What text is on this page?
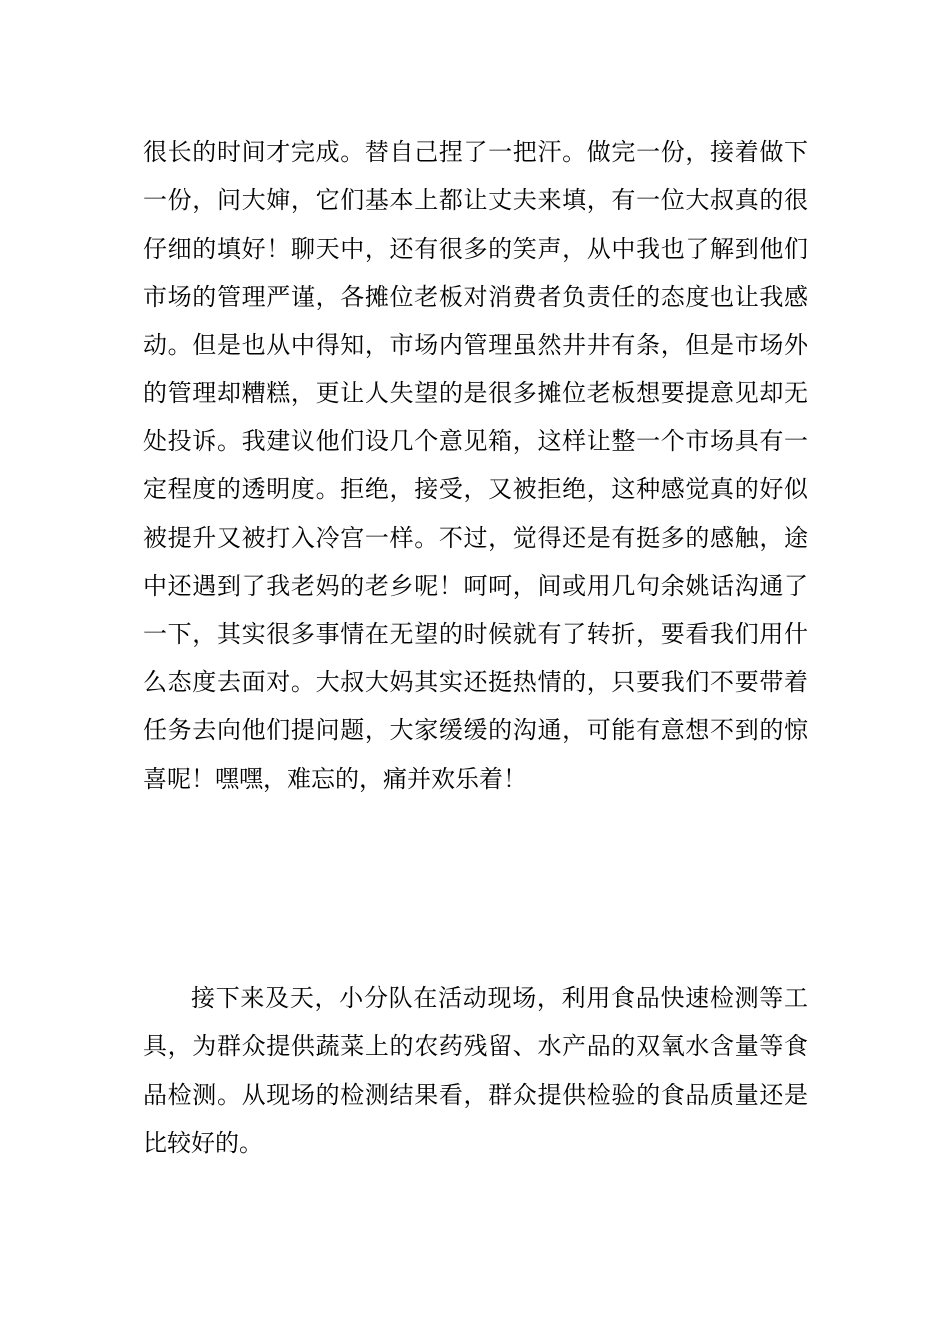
很长的时间才完成。替自己捏了一把汗。做完一份，接着做下
一份，问大婶，它们基本上都让丈夫来填，有一位大叔真的很
仔细的填好！聊天中，还有很多的笑声，从中我也了解到他们
市场的管理严谨，各摊位老板对消费者负责任的态度也让我感
动。但是也从中得知，市场内管理虽然井井有条，但是市场外
的管理却糟糕，更让人失望的是很多摊位老板想要提意见却无
处投诉。我建议他们设几个意见箱，这样让整一个市场具有一
定程度的透明度。拒绝，接受，又被拒绝，这种感觉真的好似
被提升又被打入冷宫一样。不过，觉得还是有挺多的感触，途
中还遇到了我老妈的老乡呢！呵呵，间或用几句余姚话沟通了
一下，其实很多事情在无望的时候就有了转折，要看我们用什
么态度去面对。大叔大妈其实还挺热情的，只要我们不要带着
任务去向他们提问题，大家缓缓的沟通，可能有意想不到的惊
喜呢！嘿嘿，难忘的，痛并欢乐着！
接下来及天，小分队在活动现场，利用食品快速检测等工
具，为群众提供蔬菜上的农药残留、水产品的双氧水含量等食
品检测。从现场的检测结果看，群众提供检验的食品质量还是
比较好的。
